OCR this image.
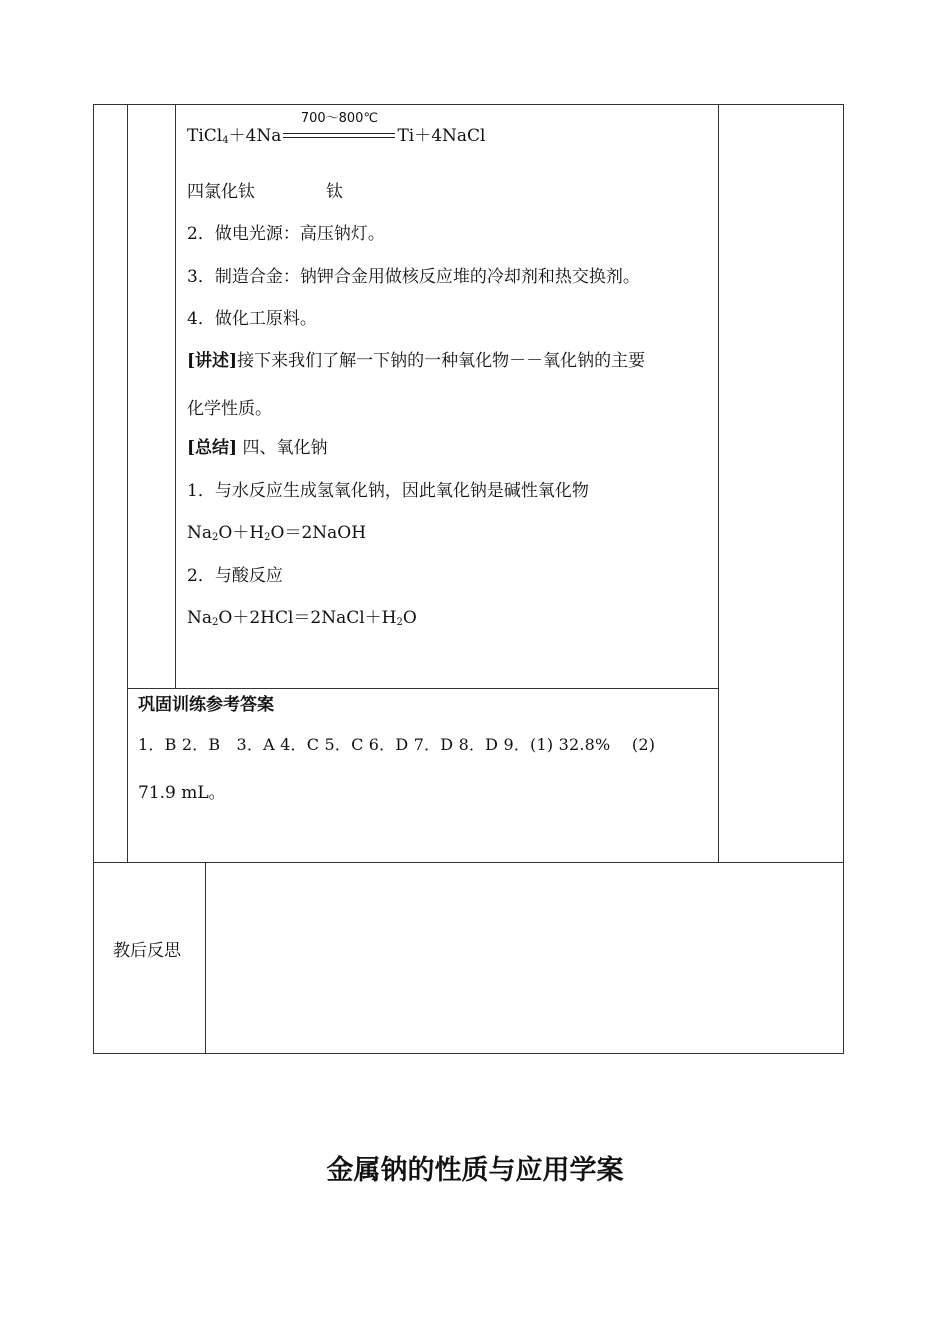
TiCl$_4$＋4Na
700～800℃
Ti＋4NaCl
四氯化钛	钛
2．做电光源：高压钠灯。
3．制造合金：钠钾合金用做核反应堆的冷却剂和热交换剂。
4．做化工原料。
[讲述]接下来我们了解一下钠的一种氧化物－－氧化钠的主要
化学性质。
[总结] 四、氧化钠
1．与水反应生成氢氧化钠，因此氧化钠是碱性氧化物
$Na_2O+H_2O=2NaOH$
2．与酸反应
$Na_2O+2HCl=2NaCl+H_2O$
巩固训练参考答案
1．B 2．B　3．A 4．C 5．C 6．D 7．D 8．D 9．(1) 32.8%　 (2)
71.9 mL。
教后反思
金属钠的性质与应用学案
